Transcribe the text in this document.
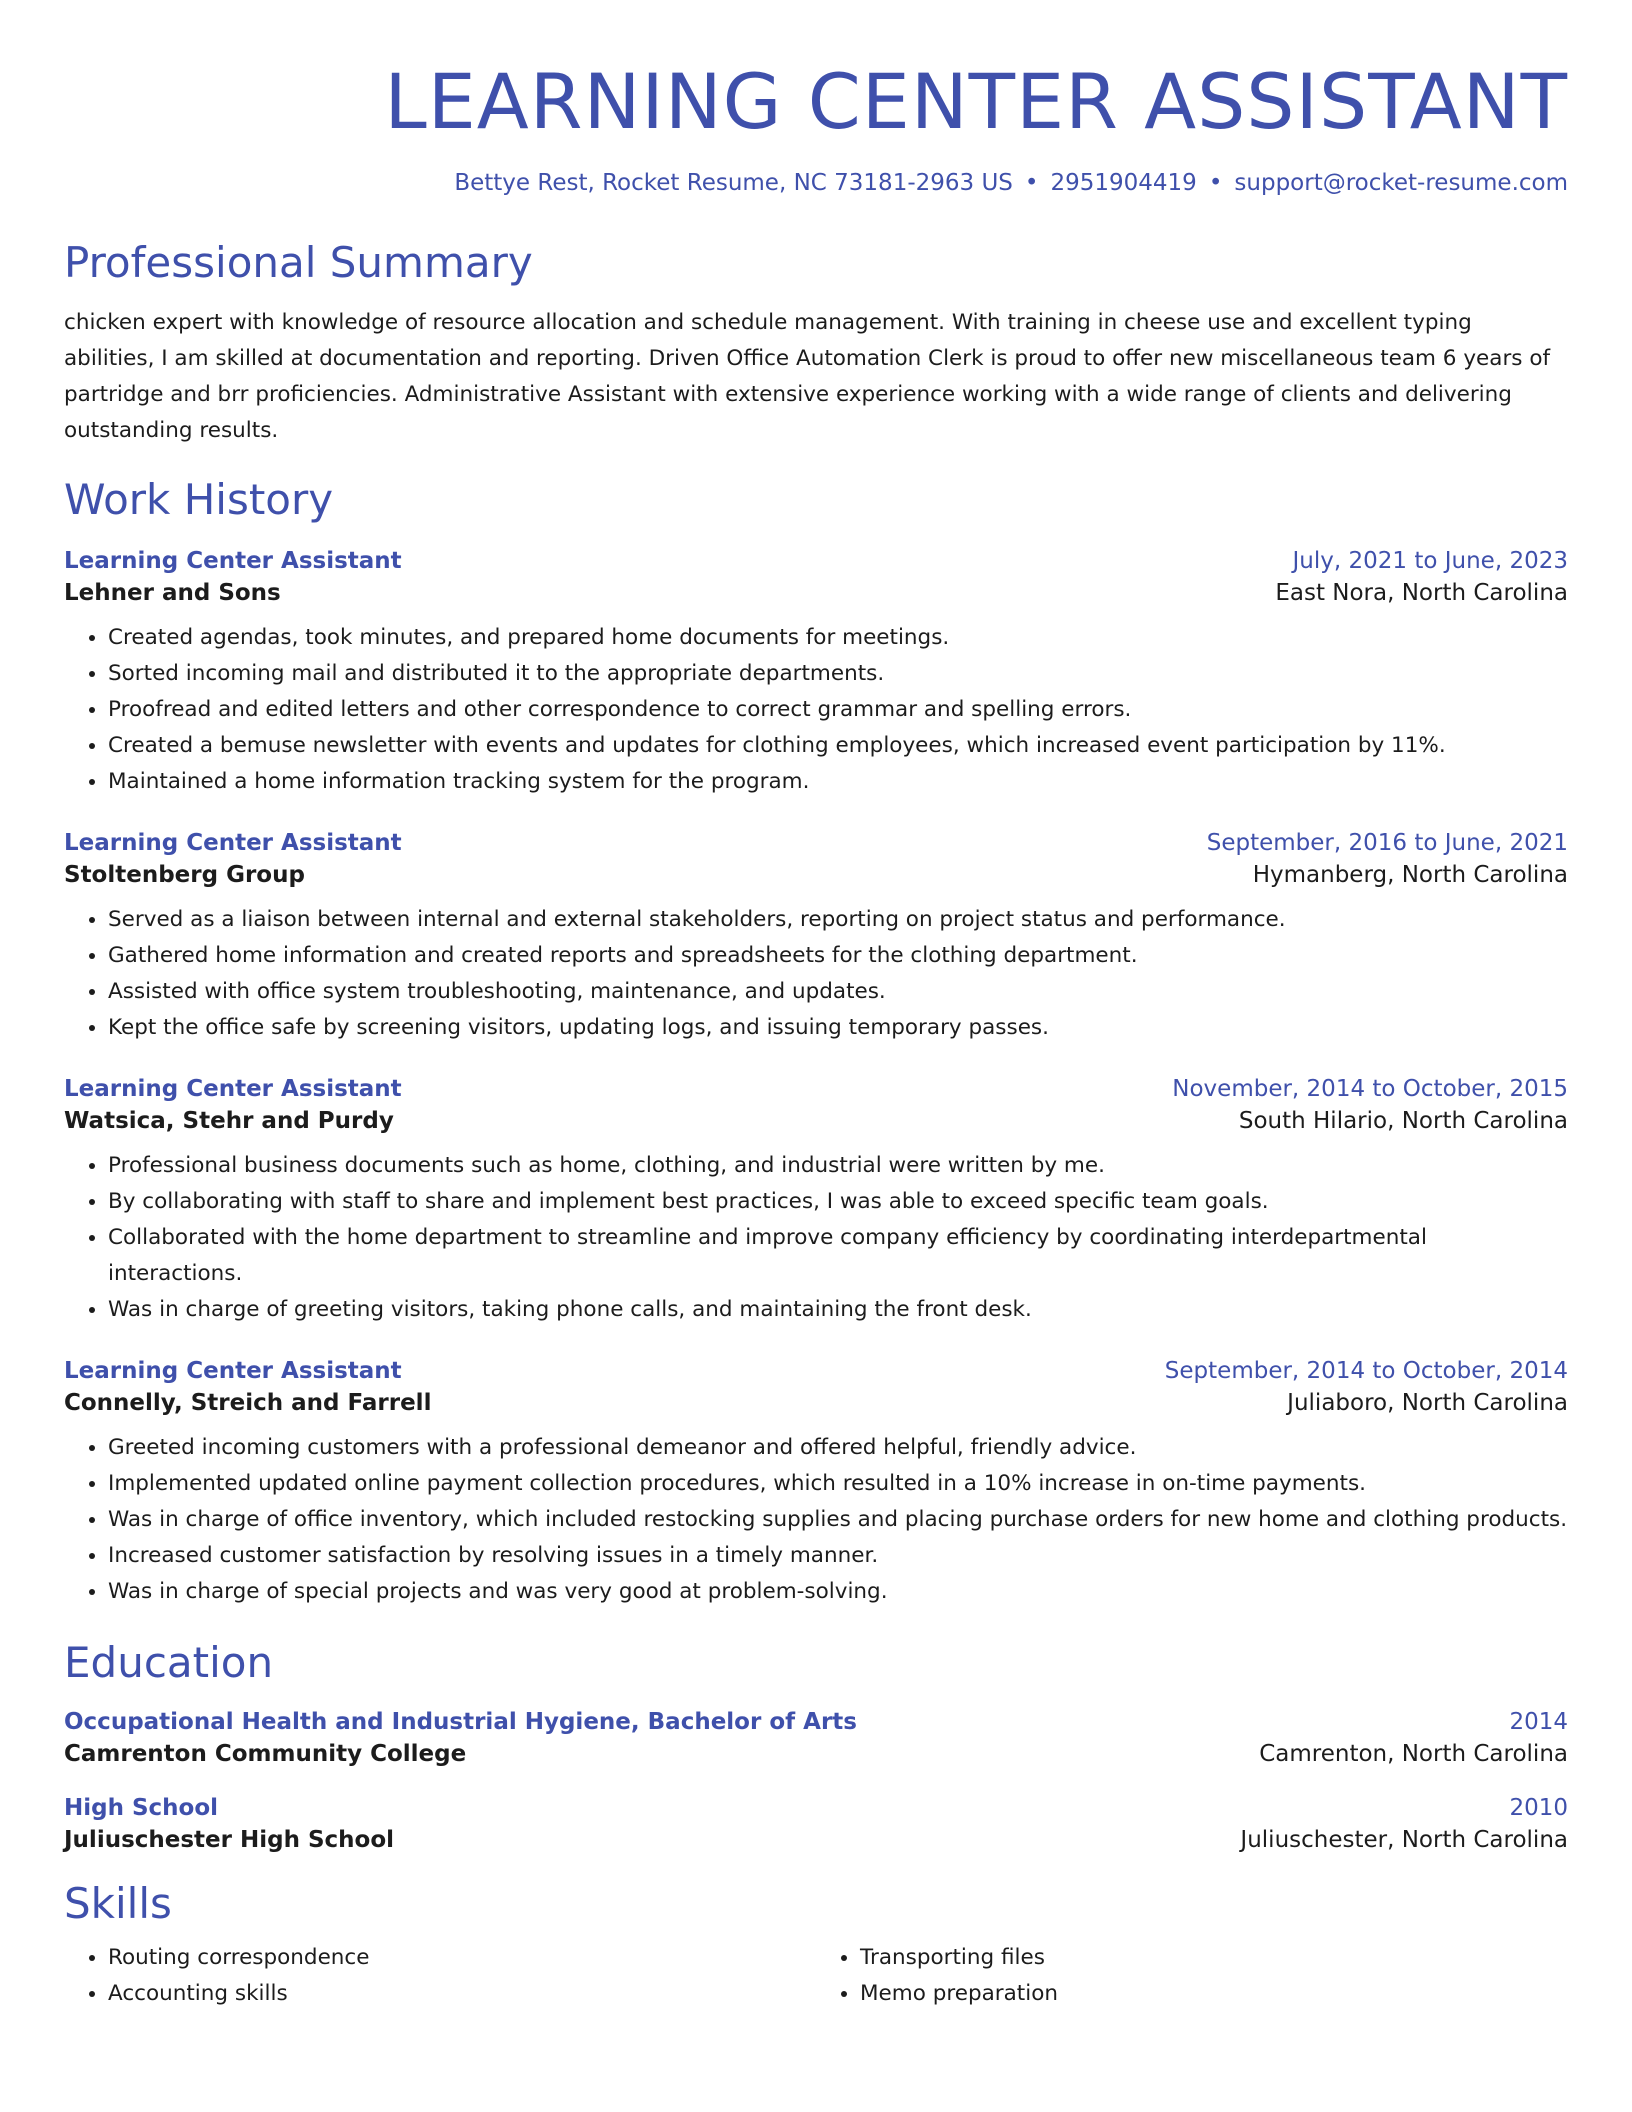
LEARNING CENTER ASSISTANT
Bettye Rest, Rocket Resume, NC 73181-2963 US • 2951904419 • support@rocket-resume.com
Professional Summary

chicken expert with knowledge of resource allocation and schedule management. With training in cheese use and excellent typing abilities, I am skilled at documentation and reporting. Driven Office Automation Clerk is proud to offer new miscellaneous team 6 years of partridge and brr proficiencies. Administrative Assistant with extensive experience working with a wide range of clients and delivering outstanding results.

Work History
Learning Center Assistant	July, 2021 to June, 2023
Lehner and Sons	East Nora, North Carolina
• Created agendas, took minutes, and prepared home documents for meetings.
• Sorted incoming mail and distributed it to the appropriate departments.
• Proofread and edited letters and other correspondence to correct grammar and spelling errors.
• Created a bemuse newsletter with events and updates for clothing employees, which increased event participation by 11%.
• Maintained a home information tracking system for the program.
Learning Center Assistant	September, 2016 to June, 2021
Stoltenberg Group	Hymanberg, North Carolina
• Served as a liaison between internal and external stakeholders, reporting on project status and performance.
• Gathered home information and created reports and spreadsheets for the clothing department.
• Assisted with office system troubleshooting, maintenance, and updates.
• Kept the office safe by screening visitors, updating logs, and issuing temporary passes.
Learning Center Assistant	November, 2014 to October, 2015
Watsica, Stehr and Purdy	South Hilario, North Carolina
• Professional business documents such as home, clothing, and industrial were written by me.
• By collaborating with staff to share and implement best practices, I was able to exceed specific team goals.
• Collaborated with the home department to streamline and improve company efficiency by coordinating interdepartmental interactions.
• Was in charge of greeting visitors, taking phone calls, and maintaining the front desk.
Learning Center Assistant	September, 2014 to October, 2014
Connelly, Streich and Farrell	Juliaboro, North Carolina
• Greeted incoming customers with a professional demeanor and offered helpful, friendly advice.
• Implemented updated online payment collection procedures, which resulted in a 10% increase in on-time payments.
• Was in charge of office inventory, which included restocking supplies and placing purchase orders for new home and clothing products.
• Increased customer satisfaction by resolving issues in a timely manner.
• Was in charge of special projects and was very good at problem-solving.
Education
Occupational Health and Industrial Hygiene, Bachelor of Arts	2014
Camrenton Community College	Camrenton, North Carolina
High School	2010
Juliuschester High School	Juliuschester, North Carolina
Skills
• Routing correspondence
• Accounting skills
• Transporting files
• Memo preparation
